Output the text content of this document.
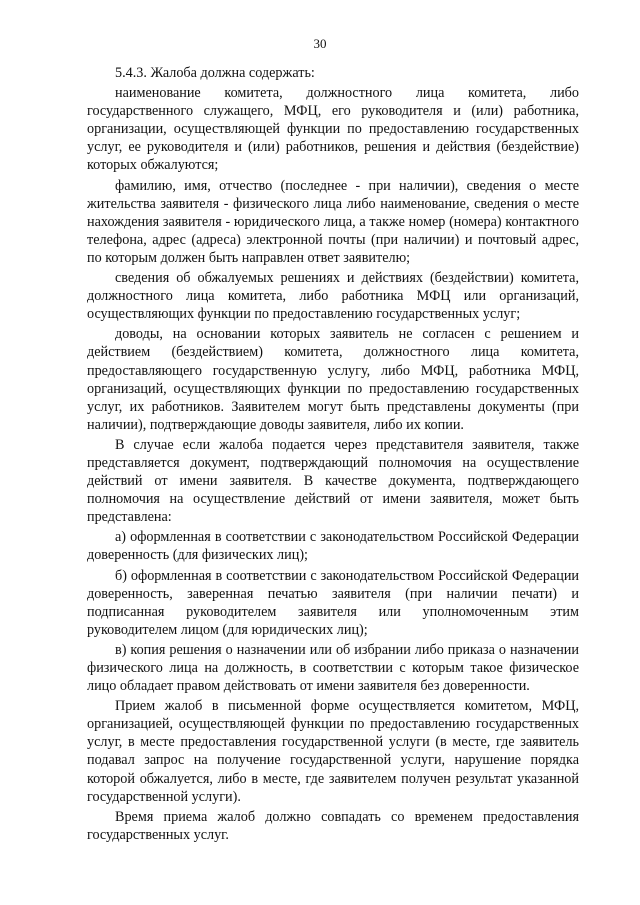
30

5.4.3. Жалоба должна содержать:

наименование комитета, должностного лица комитета, либо государственного служащего, МФЦ, его руководителя и (или) работника, организации, осуществляющей функции по предоставлению государственных услуг, ее руководителя и (или) работников, решения и действия (бездействие) которых обжалуются;

фамилию, имя, отчество (последнее - при наличии), сведения о месте жительства заявителя - физического лица либо наименование, сведения о месте нахождения заявителя - юридического лица, а также номер (номера) контактного телефона, адрес (адреса) электронной почты (при наличии) и почтовый адрес, по которым должен быть направлен ответ заявителю;

сведения об обжалуемых решениях и действиях (бездействии) комитета, должностного лица комитета, либо работника МФЦ или организаций, осуществляющих функции по предоставлению государственных услуг;

доводы, на основании которых заявитель не согласен с решением и действием (бездействием) комитета, должностного лица комитета, предоставляющего государственную услугу, либо МФЦ, работника МФЦ, организаций, осуществляющих функции по предоставлению государственных услуг, их работников. Заявителем могут быть представлены документы (при наличии), подтверждающие доводы заявителя, либо их копии.

В случае если жалоба подается через представителя заявителя, также представляется документ, подтверждающий полномочия на осуществление действий от имени заявителя. В качестве документа, подтверждающего полномочия на осуществление действий от имени заявителя, может быть представлена:

а) оформленная в соответствии с законодательством Российской Федерации доверенность (для физических лиц);

б) оформленная в соответствии с законодательством Российской Федерации доверенность, заверенная печатью заявителя (при наличии печати) и подписанная руководителем заявителя или уполномоченным этим руководителем лицом (для юридических лиц);

в) копия решения о назначении или об избрании либо приказа о назначении физического лица на должность, в соответствии с которым такое физическое лицо обладает правом действовать от имени заявителя без доверенности.

Прием жалоб в письменной форме осуществляется комитетом, МФЦ, организацией, осуществляющей функции по предоставлению государственных услуг, в месте предоставления государственной услуги (в месте, где заявитель подавал запрос на получение государственной услуги, нарушение порядка которой обжалуется, либо в месте, где заявителем получен результат указанной государственной услуги).

Время приема жалоб должно совпадать со временем предоставления государственных услуг.
